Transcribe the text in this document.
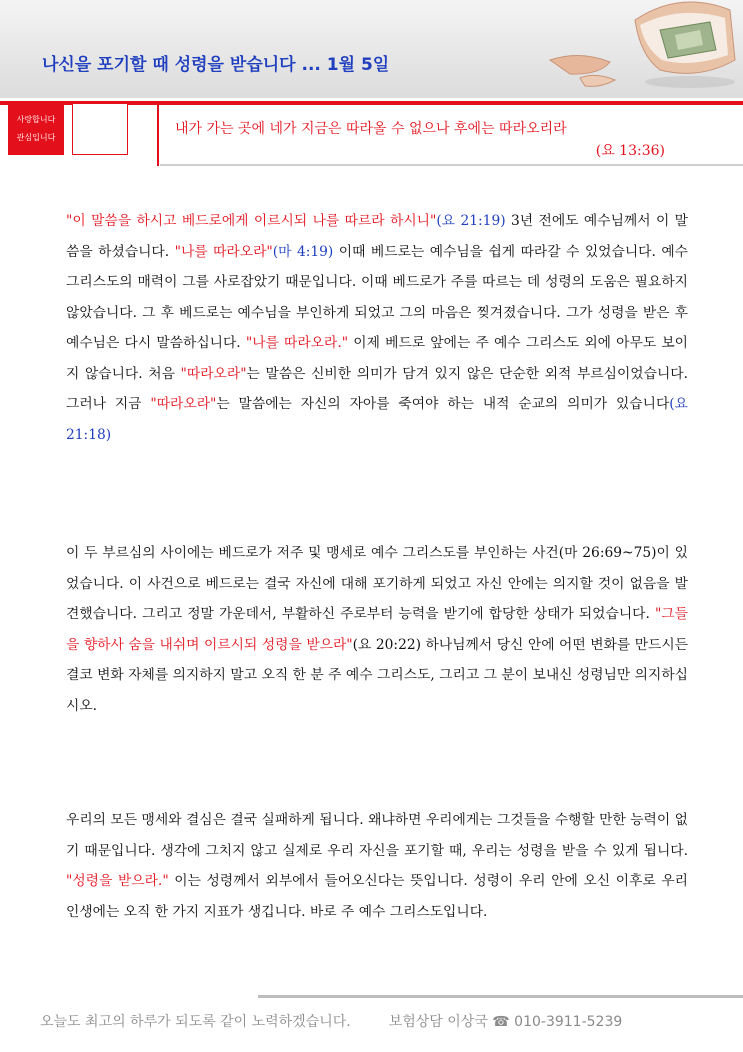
나신을 포기할 때 성령을 받습니다 ... 1월 5일
사랑합니다
관심입니다
내가 가는 곳에 네가 지금은 따라올 수 없으나 후에는 따라오리라
(요 13:36)
"이 말씀을 하시고 베드로에게 이르시되 나를 따르라 하시니"(요 21:19) 3년 전에도 예수님께서 이 말씀을 하셨습니다. "나를 따라오라"(마 4:19) 이때 베드로는 예수님을 쉽게 따라갈 수 있었습니다. 예수 그리스도의 매력이 그를 사로잡았기 때문입니다. 이때 베드로가 주를 따르는 데 성령의 도움은 필요하지 않았습니다. 그 후 베드로는 예수님을 부인하게 되었고 그의 마음은 찢겨졌습니다. 그가 성령을 받은 후 예수님은 다시 말씀하십니다. "나를 따라오라." 이제 베드로 앞에는 주 예수 그리스도 외에 아무도 보이지 않습니다. 처음 "따라오라"는 말씀은 신비한 의미가 담겨 있지 않은 단순한 외적 부르심이었습니다. 그러나 지금 "따라오라"는 말씀에는 자신의 자아를 죽여야 하는 내적 순교의 의미가 있습니다(요 21:18)
이 두 부르심의 사이에는 베드로가 저주 및 맹세로 예수 그리스도를 부인하는 사건(마 26:69~75)이 있었습니다. 이 사건으로 베드로는 결국 자신에 대해 포기하게 되었고 자신 안에는 의지할 것이 없음을 발견했습니다. 그리고 정말 가운데서, 부활하신 주로부터 능력을 받기에 합당한 상태가 되었습니다. "그들을 향하사 숨을 내쉬며 이르시되 성령을 받으라"(요 20:22) 하나님께서 당신 안에 어떤 변화를 만드시든 결코 변화 자체를 의지하지 말고 오직 한 분 주 예수 그리스도, 그리고 그 분이 보내신 성령님만 의지하십시오.
우리의 모든 맹세와 결심은 결국 실패하게 됩니다. 왜냐하면 우리에게는 그것들을 수행할 만한 능력이 없기 때문입니다. 생각에 그치지 않고 실제로 우리 자신을 포기할 때, 우리는 성령을 받을 수 있게 됩니다. "성령을 받으라." 이는 성령께서 외부에서 들어오신다는 뜻입니다. 성령이 우리 안에 오신 이후로 우리 인생에는 오직 한 가지 지표가 생깁니다. 바로 주 예수 그리스도입니다.
오늘도 최고의 하루가 되도록 같이 노력하겠습니다.	보험상담 이상국 ☎ 010-3911-5239
